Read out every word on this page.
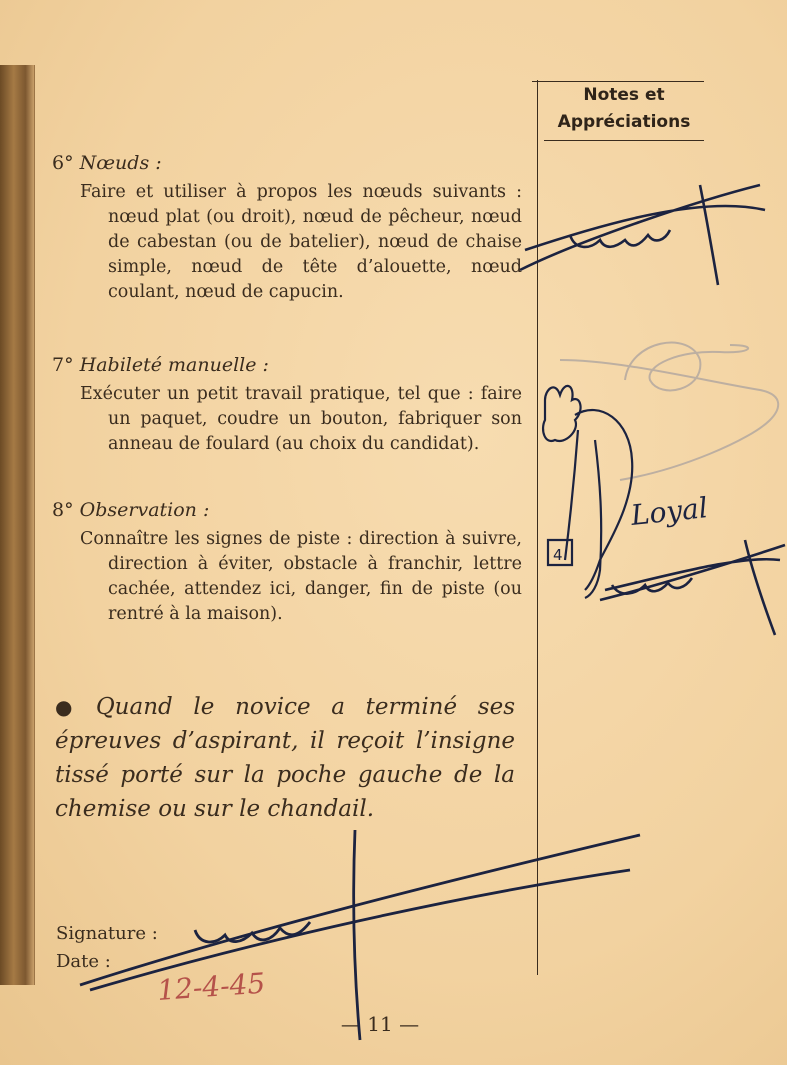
Notes et
Appréciations
6° Nœuds :
Faire et utiliser à propos les nœuds suivants : nœud plat (ou droit), nœud de pêcheur, nœud de cabestan (ou de batelier), nœud de chaise simple, nœud de tête d’alouette, nœud coulant, nœud de capucin.
7° Habileté manuelle :
Exécuter un petit travail pratique, tel que : faire un paquet, coudre un bouton, fabriquer son anneau de foulard (au choix du candidat).
8° Observation :
Connaître les signes de piste : direction à suivre, direction à éviter, obstacle à franchir, lettre cachée, attendez ici, danger, fin de piste (ou rentré à la maison).
● Quand le novice a terminé ses épreuves d’aspirant, il reçoit l’insigne tissé porté sur la poche gauche de la chemise ou sur le chandail.
Signature :
Date :
— 11 —
4
Loyal
12-4-45
